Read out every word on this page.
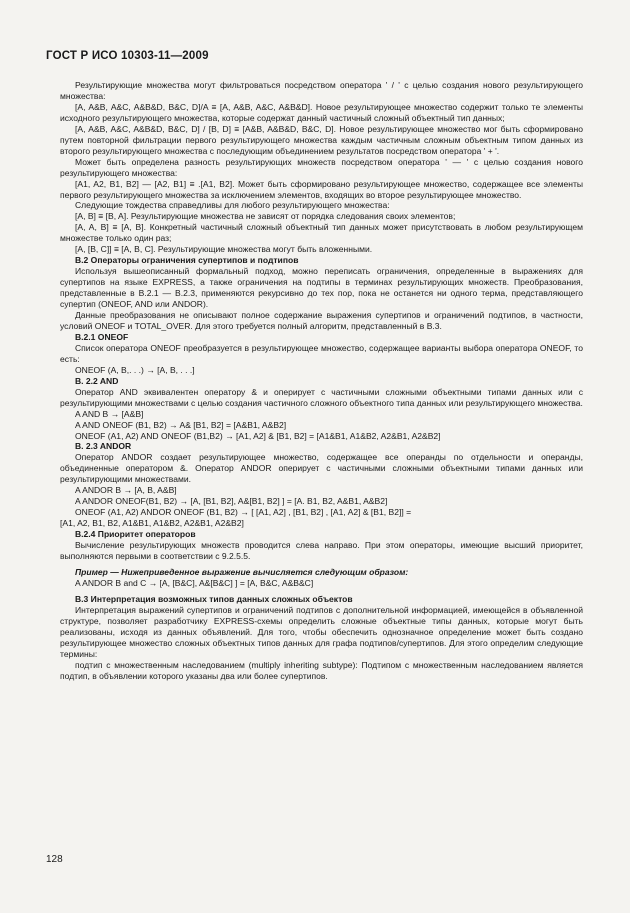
ГОСТ Р ИСО 10303-11—2009

Результирующие множества могут фильтроваться посредством оператора ' / ' с целью создания нового результирующего множества:

[A, A&B, A&C, A&B&D, B&C, D]/A ≡ [A, A&B, A&C, A&B&D]. Новое результирующее множество содержит только те элементы исходного результирующего множества, которые содержат данный частичный сложный объектный тип данных;

[A, A&B, A&C, A&B&D, B&C, D] / [B, D] ≡ [A&B, A&B&D, B&C, D]. Новое результирующее множество мог быть сформировано путем повторной фильтрации первого результирующего множества каждым частичным сложным объектным типом данных из второго результирующего множества с последующим объединением результатов посредством оператора ' + '.

Может быть определена разность результирующих множеств посредством оператора ' — ' с целью создания нового результирующего множества:

[A1, A2, B1, B2] — [A2, B1] ≡ .[A1, B2]. Может быть сформировано результирующее множество, содержащее все элементы первого результирующего множества за исключением элементов, входящих во второе результирующее множество.

Следующие тождества справедливы для любого результирующего множества:

[A, B] ≡ [B, A]. Результирующие множества не зависят от порядка следования своих элементов;

[A, A, B] ≡ [A, B]. Конкретный частичный сложный объектный тип данных может присутствовать в любом результирующем множестве только один раз;

[A, [B, C]] ≡ [A, B, C]. Результирующие множества могут быть вложенными.

B.2 Операторы ограничения супертипов и подтипов

Используя вышеописанный формальный подход, можно переписать ограничения, определенные в выражениях для супертипов на языке EXPRESS, а также ограничения на подтипы в терминах результирующих множеств. Преобразования, представленные в B.2.1 — B.2.3, применяются рекурсивно до тех пор, пока не останется ни одного терма, представляющего супертип (ONEOF, AND или ANDOR).

Данные преобразования не описывают полное содержание выражения супертипов и ограничений подтипов, в частности, условий ONEOF и TOTAL_OVER. Для этого требуется полный алгоритм, представленный в B.3.

B.2.1 ONEOF

Список оператора ONEOF преобразуется в результирующее множество, содержащее варианты выбора оператора ONEOF, то есть:

ONEOF (A, B,. . .) → [A, B, . . .]

B. 2.2 AND

Оператор AND эквивалентен оператору & и оперирует с частичными сложными объектными типами данных или с результирующими множествами с целью создания частичного сложного объектного типа данных или результирующего множества.

A AND B → [A&B]

A AND ONEOF (B1, B2) → A& [B1, B2] = [A&B1, A&B2]

ONEOF (A1, A2) AND ONEOF (B1,B2) → [A1, A2] & [B1, B2] = [A1&B1, A1&B2, A2&B1, A2&B2]

B. 2.3 ANDOR

Оператор ANDOR создает результирующее множество, содержащее все операнды по отдельности и операнды, объединенные оператором &. Оператор ANDOR оперирует с частичными сложными объектными типами данных или результирующими множествами.

A ANDOR B → [A, B, A&B]

A ANDOR ONEOF(B1, B2) → [A, [B1, B2], A&[B1, B2] ] = [A. B1, B2, A&B1, A&B2]

ONEOF (A1, A2) ANDOR ONEOF (B1, B2) → [ [A1, A2] , [B1, B2] , [A1, A2] & [B1, B2]] =

[A1, A2, B1, B2, A1&B1, A1&B2, A2&B1, A2&B2]

B.2.4 Приоритет операторов

Вычисление результирующих множеств проводится слева направо. При этом операторы, имеющие высший приоритет, выполняются первыми в соответствии с 9.2.5.5.

Пример — Нижеприведенное выражение вычисляется следующим образом:

A ANDOR B and C → [A, [B&C], A&[B&C] ] = [A, B&C, A&B&C]

B.3 Интерпретация возможных типов данных сложных объектов

Интерпретация выражений супертипов и ограничений подтипов с дополнительной информацией, имеющейся в объявленной структуре, позволяет разработчику EXPRESS-схемы определить сложные объектные типы данных, которые могут быть реализованы, исходя из данных объявлений. Для того, чтобы обеспечить однозначное определение может быть создано результирующее множество сложных объектных типов данных для графа подтипов/супертипов. Для этого определим следующие термины:

подтип с множественным наследованием (multiply inheriting subtype): Подтипом с множественным наследованием является подтип, в объявлении которого указаны два или более супертипов.

128
